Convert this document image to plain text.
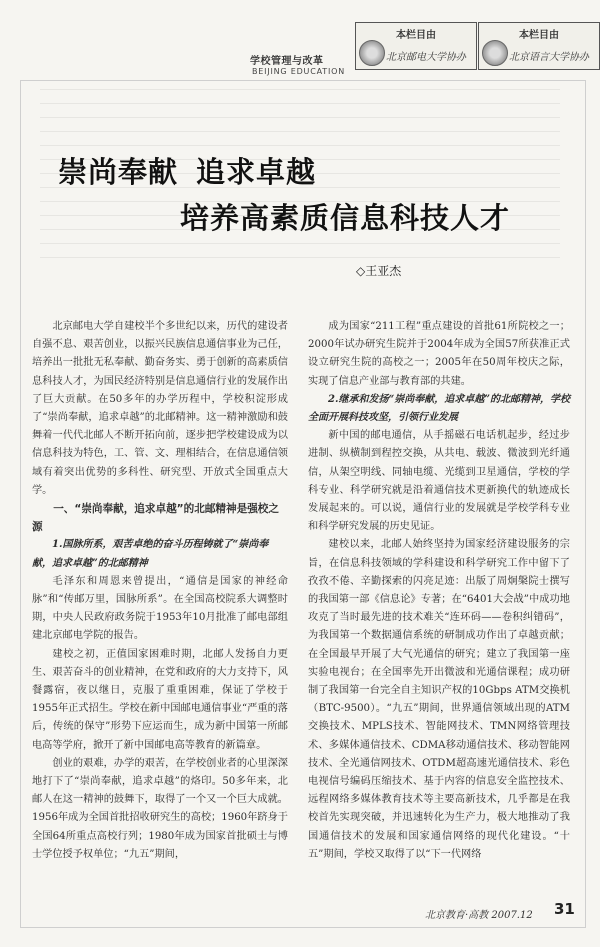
学校管理与改革
BEIJING EDUCATION
本栏目由
北京邮电大学协办
本栏目由
北京语言大学协办
崇尚奉献 追求卓越
培养高素质信息科技人才
◇王亚杰

北京邮电大学自建校半个多世纪以来，历代的建设者自强不息、艰苦创业，以振兴民族信息通信事业为己任，培养出一批批无私奉献、勤奋务实、勇于创新的高素质信息科技人才，为国民经济特别是信息通信行业的发展作出了巨大贡献。在50多年的办学历程中，学校积淀形成了“崇尚奉献，追求卓越”的北邮精神。这一精神激励和鼓舞着一代代北邮人不断开拓向前，逐步把学校建设成为以信息科技为特色，工、管、文、理相结合，在信息通信领域有着突出优势的多科性、研究型、开放式全国重点大学。

一、“崇尚奉献，追求卓越”的北邮精神是强校之源
1.国脉所系，艰苦卓绝的奋斗历程铸就了“崇尚奉献，追求卓越”的北邮精神

毛泽东和周恩来曾提出，“通信是国家的神经命脉”和“传邮万里，国脉所系”。在全国高校院系大调整时期，中央人民政府政务院于1953年10月批准了邮电部组建北京邮电学院的报告。

建校之初，正值国家困难时期，北邮人发扬自力更生、艰苦奋斗的创业精神，在党和政府的大力支持下，风餐露宿，夜以继日，克服了重重困难，保证了学校于1955年正式招生。学校在新中国邮电通信事业“严重的落后，传统的保守”形势下应运而生，成为新中国第一所邮电高等学府，掀开了新中国邮电高等教育的新篇章。

创业的艰难，办学的艰苦，在学校创业者的心里深深地打下了“崇尚奉献，追求卓越”的烙印。50多年来，北邮人在这一精神的鼓舞下，取得了一个又一个巨大成就。1956年成为全国首批招收研究生的高校；1960年跻身于全国64所重点高校行列；1980年成为国家首批硕士与博士学位授予权单位；“九五”期间，

成为国家“211工程”重点建设的首批61所院校之一；2000年试办研究生院并于2004年成为全国57所获准正式设立研究生院的高校之一；2005年在50周年校庆之际，实现了信息产业部与教育部的共建。

2.继承和发扬“崇尚奉献，追求卓越”的北邮精神，学校全面开展科技攻坚，引领行业发展

新中国的邮电通信，从手摇磁石电话机起步，经过步进制、纵横制到程控交换，从共电、载波、微波到光纤通信，从架空明线、同轴电缆、光缆到卫星通信，学校的学科专业、科学研究就是沿着通信技术更新换代的轨迹成长发展起来的。可以说，通信行业的发展就是学校学科专业和科学研究发展的历史见证。

建校以来，北邮人始终坚持为国家经济建设服务的宗旨，在信息科技领域的学科建设和科学研究工作中留下了孜孜不倦、辛勤探索的闪亮足迹：出版了周炯槃院士撰写的我国第一部《信息论》专著；在“6401大会战”中成功地攻克了当时最先进的技术难关“连环码——卷积纠错码”，为我国第一个数据通信系统的研制成功作出了卓越贡献；在全国最早开展了大气光通信的研究；建立了我国第一座实验电视台；在全国率先开出微波和光通信课程；成功研制了我国第一台完全自主知识产权的10Gbps ATM交换机（BTC-9500）。“九五”期间，世界通信领域出现的ATM交换技术、MPLS技术、智能网技术、TMN网络管理技术、多媒体通信技术、CDMA移动通信技术、移动智能网技术、全光通信网技术、OTDM超高速光通信技术、彩色电视信号编码压缩技术、基于内容的信息安全监控技术、远程网络多媒体教育技术等主要高新技术，几乎都是在我校首先实现突破，并迅速转化为生产力，极大地推动了我国通信技术的发展和国家通信网络的现代化建设。“十五”期间，学校又取得了以“下一代网络

北京教育·高教 2007.12 31
